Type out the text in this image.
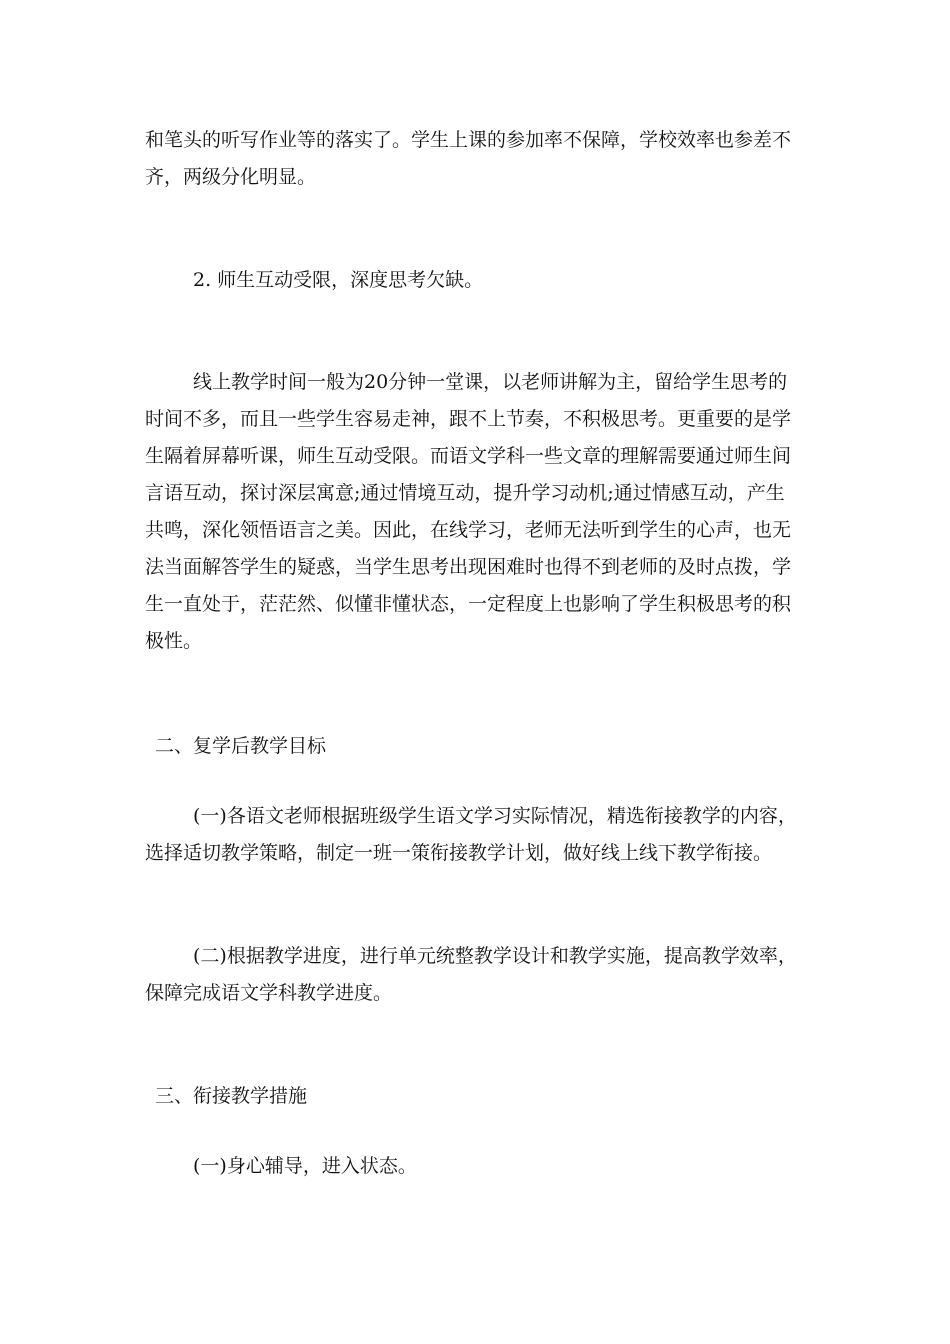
和笔头的听写作业等的落实了。学生上课的参加率不保障，学校效率也参差不
齐，两级分化明显。

2. 师生互动受限，深度思考欠缺。

线上教学时间一般为20分钟一堂课，以老师讲解为主，留给学生思考的
时间不多，而且一些学生容易走神，跟不上节奏，不积极思考。更重要的是学
生隔着屏幕听课，师生互动受限。而语文学科一些文章的理解需要通过师生间
言语互动，探讨深层寓意;通过情境互动，提升学习动机;通过情感互动，产生
共鸣，深化领悟语言之美。因此，在线学习，老师无法听到学生的心声，也无
法当面解答学生的疑惑，当学生思考出现困难时也得不到老师的及时点拨，学
生一直处于，茫茫然、似懂非懂状态，一定程度上也影响了学生积极思考的积
极性。

二、复学后教学目标

(一)各语文老师根据班级学生语文学习实际情况，精选衔接教学的内容，
选择适切教学策略，制定一班一策衔接教学计划，做好线上线下教学衔接。

(二)根据教学进度，进行单元统整教学设计和教学实施，提高教学效率，
保障完成语文学科教学进度。

三、衔接教学措施

(一)身心辅导，进入状态。
